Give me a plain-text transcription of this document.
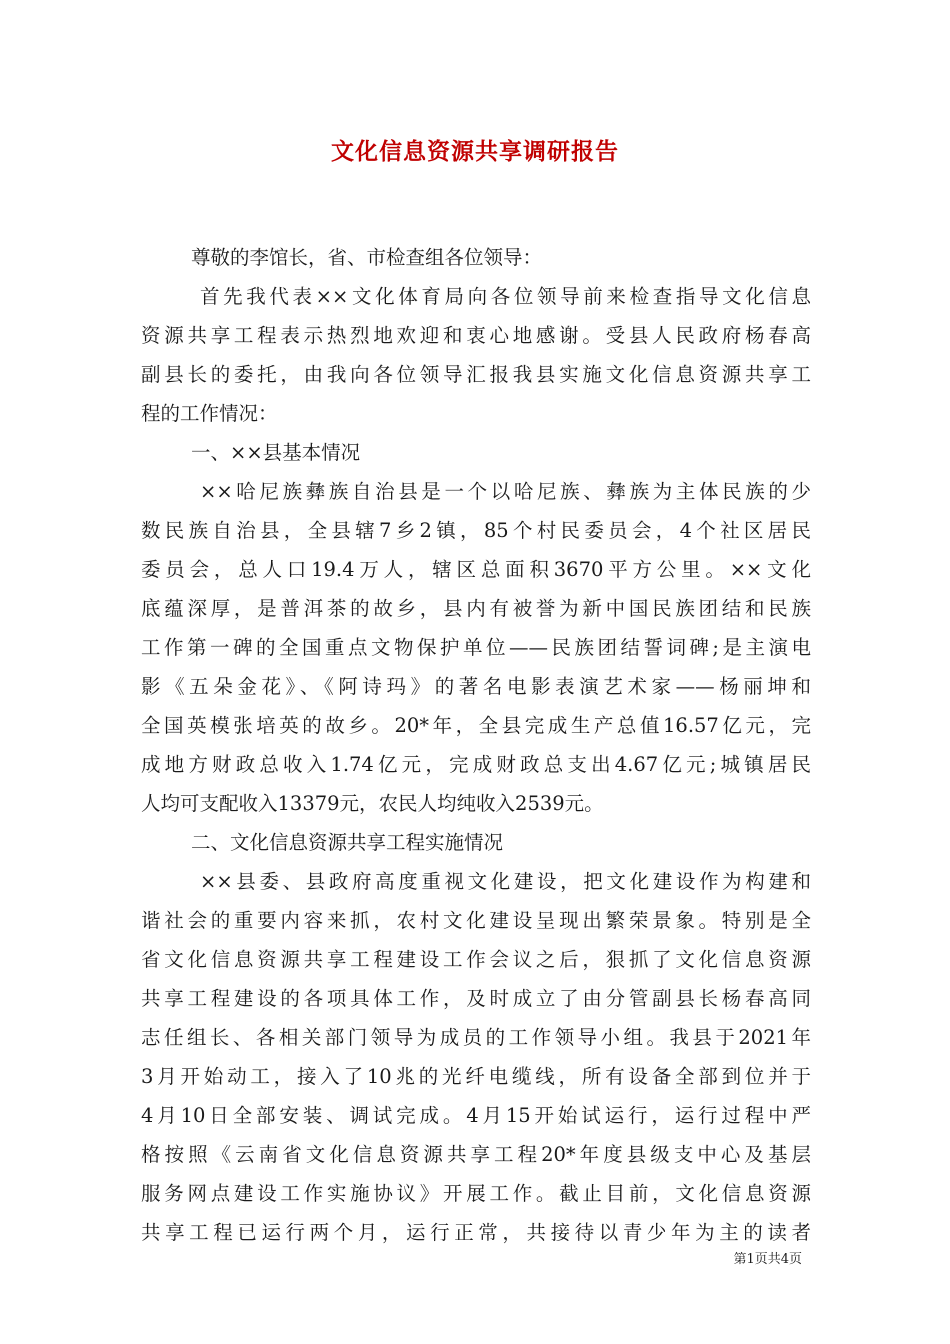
文化信息资源共享调研报告
尊敬的李馆长，省、市检查组各位领导：
首先我代表××文化体育局向各位领导前来检查指导文化信息
资源共享工程表示热烈地欢迎和衷心地感谢。受县人民政府杨春高
副县长的委托，由我向各位领导汇报我县实施文化信息资源共享工
程的工作情况：
一、××县基本情况
××哈尼族彝族自治县是一个以哈尼族、彝族为主体民族的少
数民族自治县，全县辖7乡2镇，85个村民委员会，4个社区居民
委员会，总人口19.4万人，辖区总面积3670平方公里。××文化
底蕴深厚，是普洱茶的故乡，县内有被誉为新中国民族团结和民族
工作第一碑的全国重点文物保护单位——民族团结誓词碑;是主演电
影《五朵金花》、《阿诗玛》的著名电影表演艺术家——杨丽坤和
全国英模张培英的故乡。20*年，全县完成生产总值16.57亿元，完
成地方财政总收入1.74亿元，完成财政总支出4.67亿元;城镇居民
人均可支配收入13379元，农民人均纯收入2539元。
二、文化信息资源共享工程实施情况
××县委、县政府高度重视文化建设，把文化建设作为构建和
谐社会的重要内容来抓，农村文化建设呈现出繁荣景象。特别是全
省文化信息资源共享工程建设工作会议之后，狠抓了文化信息资源
共享工程建设的各项具体工作，及时成立了由分管副县长杨春高同
志任组长、各相关部门领导为成员的工作领导小组。我县于2021年
3月开始动工，接入了10兆的光纤电缆线，所有设备全部到位并于
4月10日全部安装、调试完成。4月15开始试运行，运行过程中严
格按照《云南省文化信息资源共享工程20*年度县级支中心及基层
服务网点建设工作实施协议》开展工作。截止目前，文化信息资源
共享工程已运行两个月，运行正常，共接待以青少年为主的读者
第1页共4页
